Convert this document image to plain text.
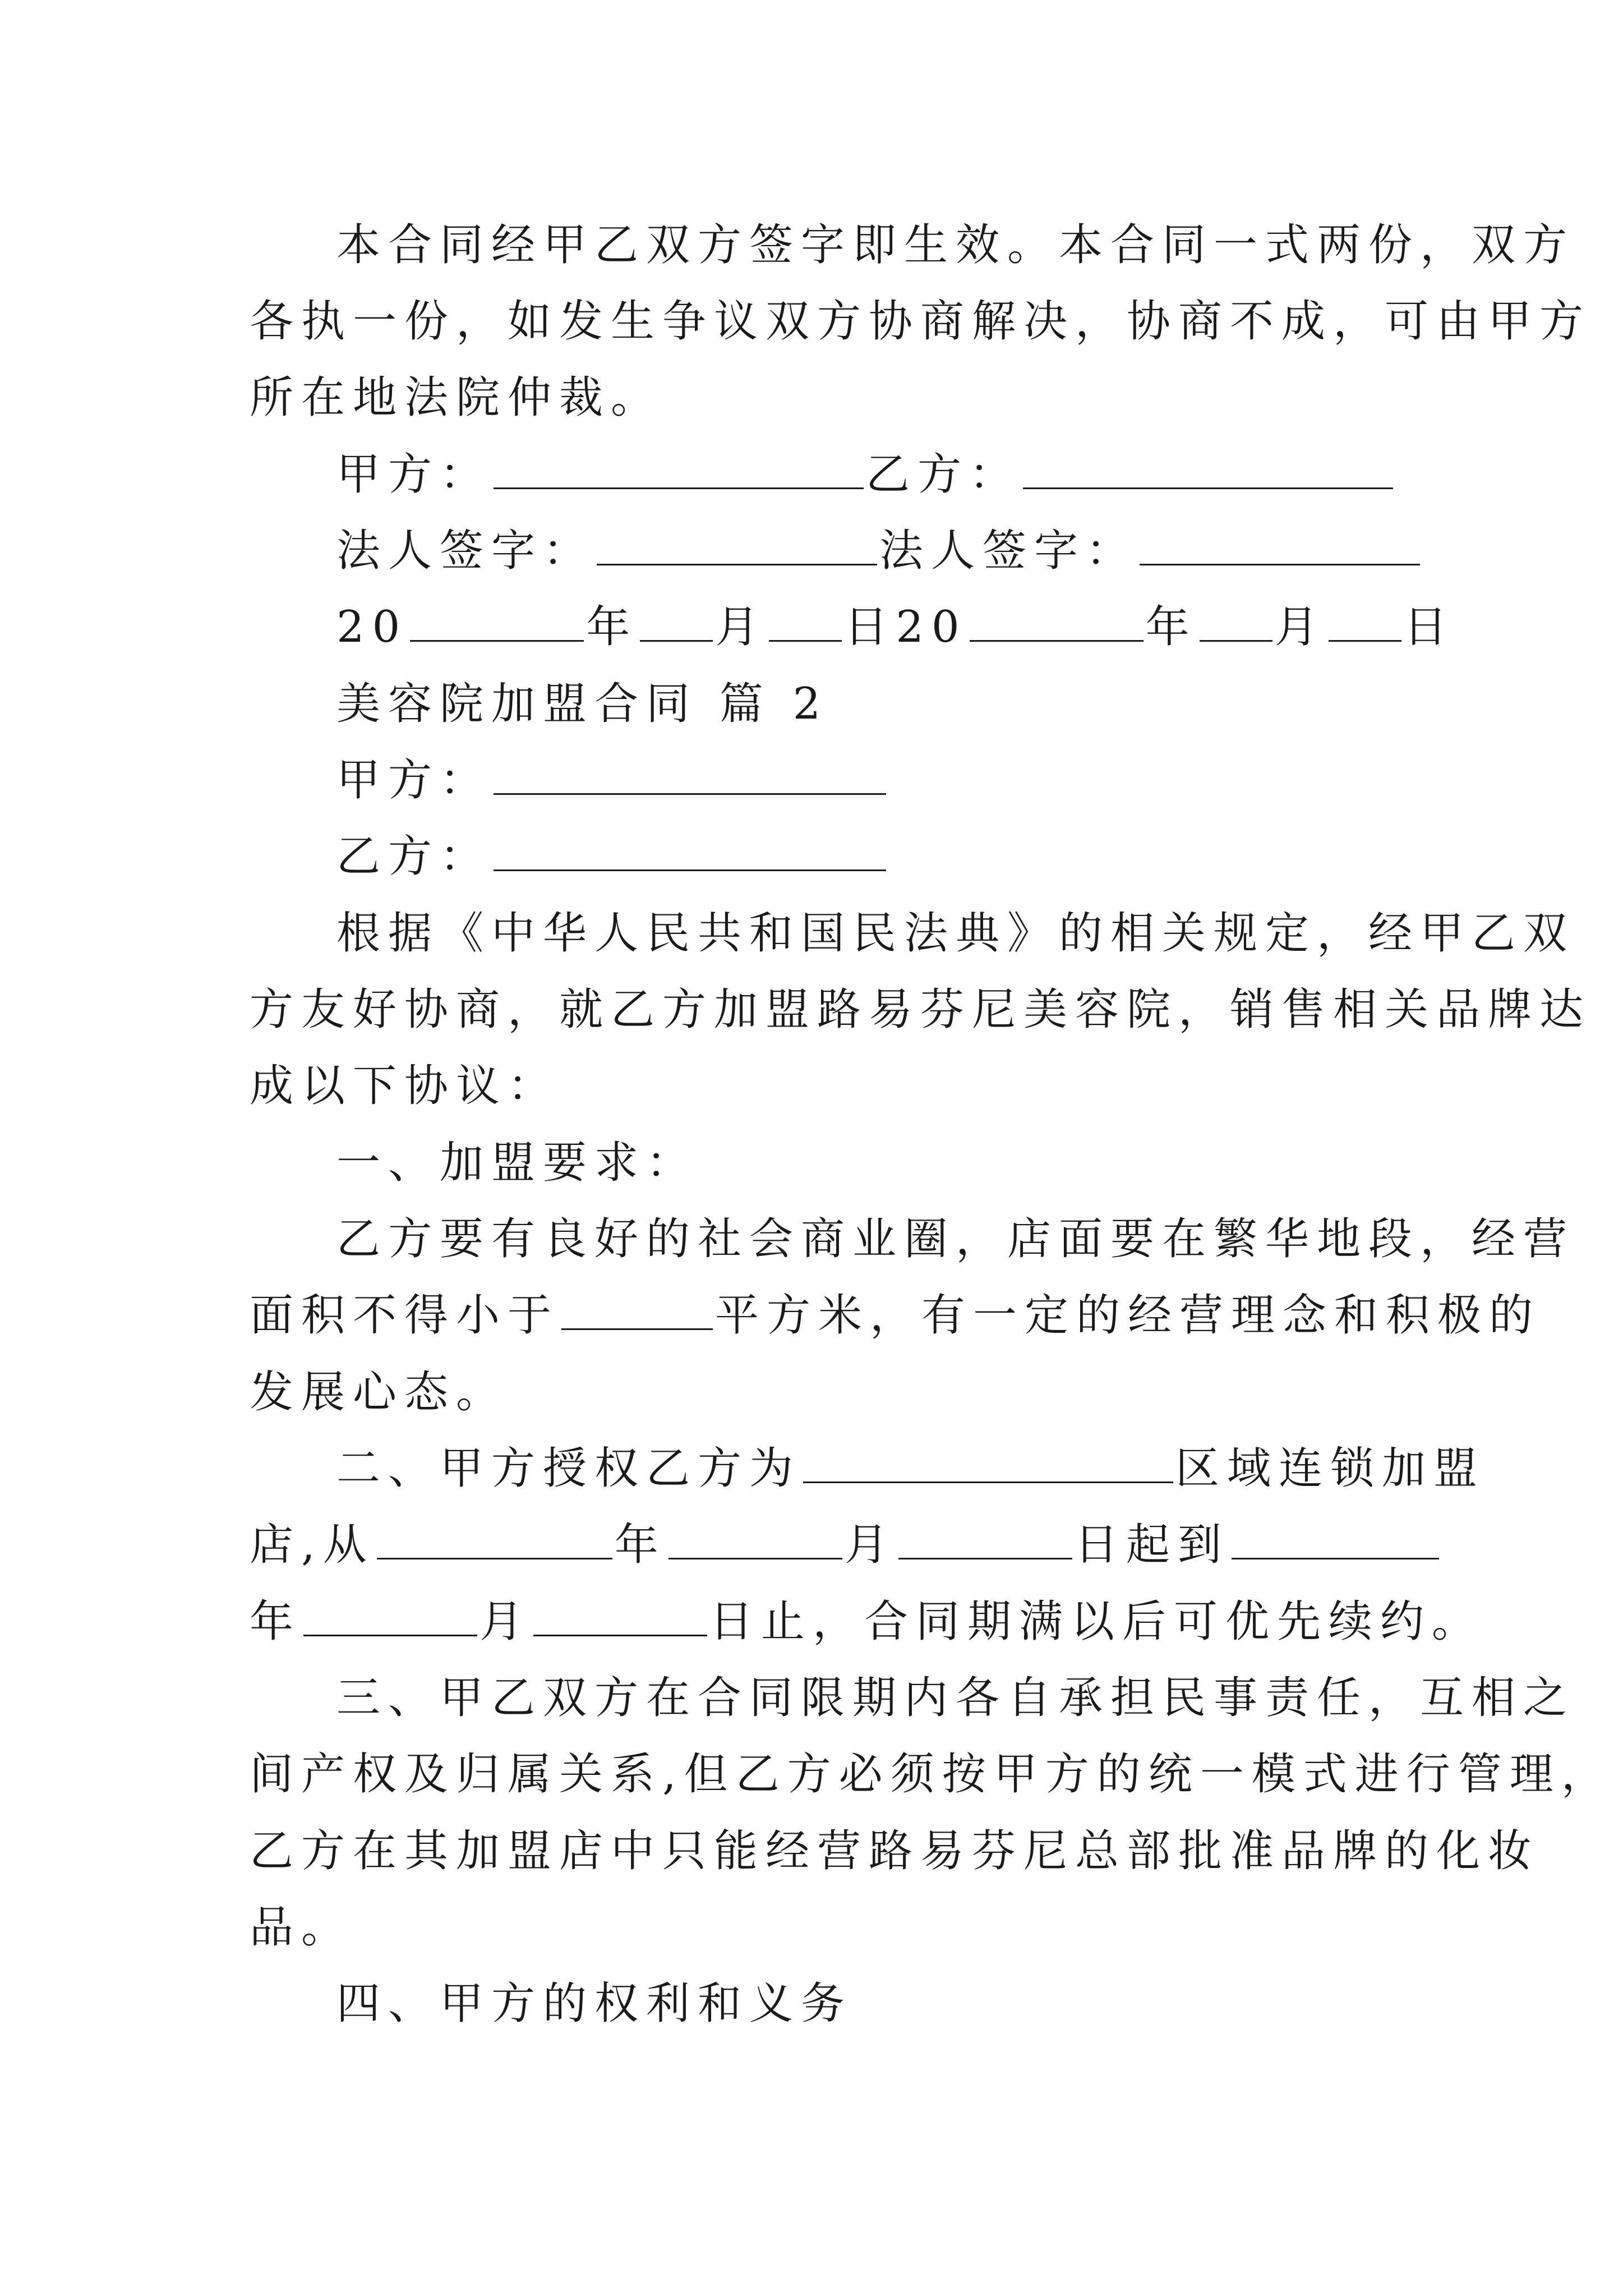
本合同经甲乙双方签字即生效。本合同一式两份，双方
各执一份，如发生争议双方协商解决，协商不成，可由甲方
所在地法院仲裁。
甲方：	乙方：
法人签字：	法人签字：
20	年 月 日20	年 月 日
美容院加盟合同 篇 2
甲方：
乙方：
根据《中华人民共和国民法典》的相关规定，经甲乙双
方友好协商，就乙方加盟路易芬尼美容院，销售相关品牌达
成以下协议：
一、加盟要求：
乙方要有良好的社会商业圈，店面要在繁华地段，经营
面积不得小于	平方米，有一定的经营理念和积极的
发展心态。
二、甲方授权乙方为	区域连锁加盟
店,从	年	月	日起到
年	月	日止，合同期满以后可优先续约。
三、甲乙双方在合同限期内各自承担民事责任，互相之
间产权及归属关系,但乙方必须按甲方的统一模式进行管理，
乙方在其加盟店中只能经营路易芬尼总部批准品牌的化妆
品。
四、甲方的权利和义务
